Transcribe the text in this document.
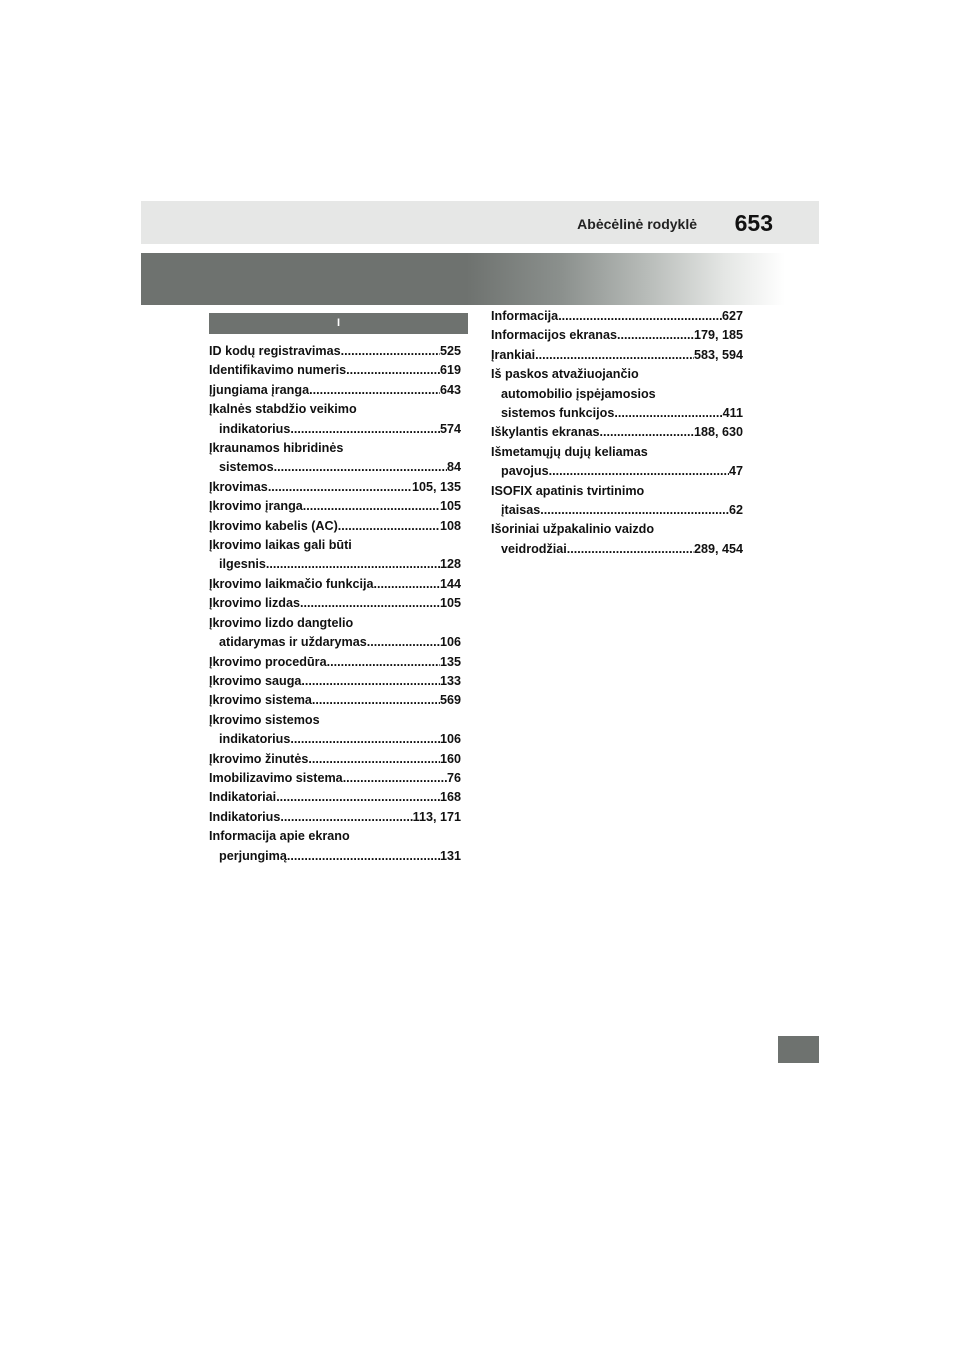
Abėcėlinė rodyklė 653
I
ID kodų registravimas .....	525
Identifikavimo numeris .....	619
Įjungiama įranga .....	643
Įkalnės stabdžio veikimo
indikatorius .....	574
Įkraunamos hibridinės
sistemos .....	84
Įkrovimas .....	105, 135
Įkrovimo įranga .....	105
Įkrovimo kabelis (AC) .....	108
Įkrovimo laikas gali būti
ilgesnis .....	128
Įkrovimo laikmačio funkcija .....	144
Įkrovimo lizdas .....	105
Įkrovimo lizdo dangtelio
atidarymas ir uždarymas .....	106
Įkrovimo procedūra .....	135
Įkrovimo sauga .....	133
Įkrovimo sistema .....	569
Įkrovimo sistemos
indikatorius .....	106
Įkrovimo žinutės .....	160
Imobilizavimo sistema .....	76
Indikatoriai .....	168
Indikatorius .....	113, 171
Informacija apie ekrano
perjungimą .....	131
Informacija .....	627
Informacijos ekranas .....	179, 185
Įrankiai .....	583, 594
Iš paskos atvažiuojančio
automobilio įspėjamosios
sistemos funkcijos .....	411
Iškylantis ekranas .....	188, 630
Išmetamųjų dujų keliamas
pavojus .....	47
ISOFIX apatinis tvirtinimo
įtaisas .....	62
Išoriniai užpakalinio vaizdo
veidrodžiai .....	289, 454
